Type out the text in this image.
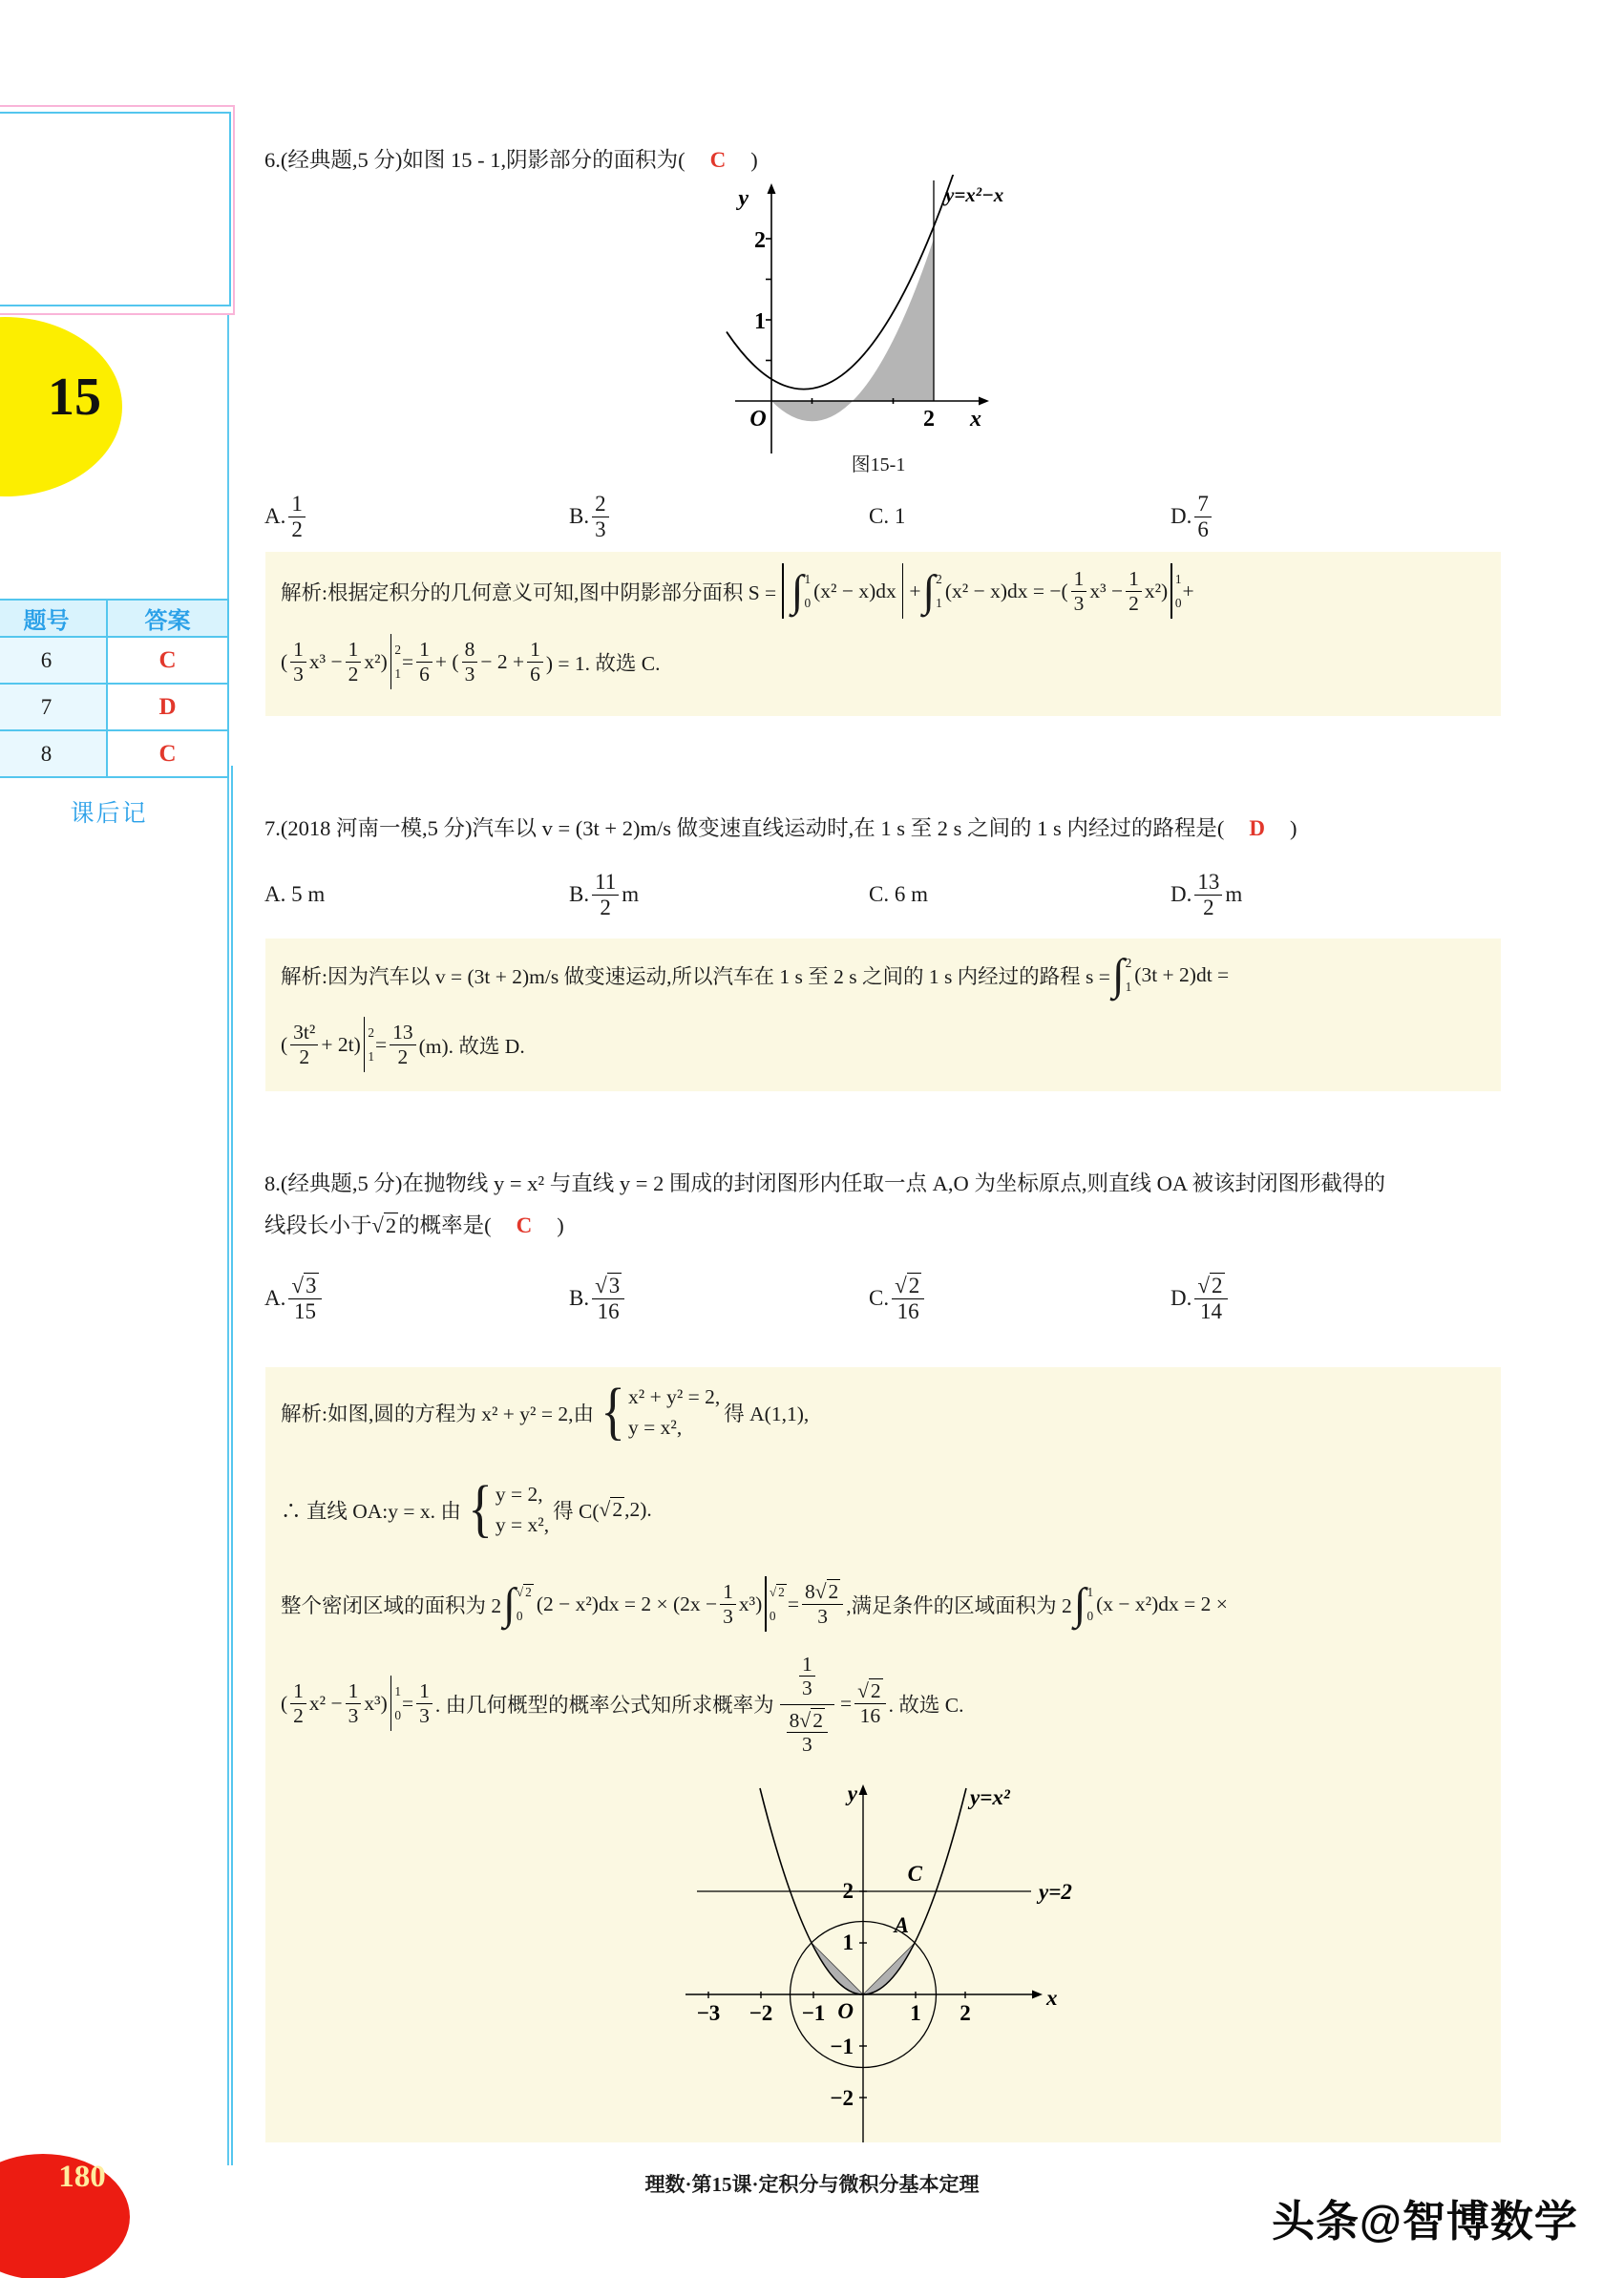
15
题号	答案
6	C
7	D
8	C
课后记
6.(经典题,5 分)如图 15 - 1,阴影部分的面积为( C )
y
2
1
O	2 x
y=x²−x
图15-1
A.
1
2
B.
2
3
C. 1	D.
7
6
解析:根据定积分的几何意义可知,图中阴影部分面积 S = ∫ 1
0
(x² − x)dx
+ ∫ 2
1
(x² − x)dx = −(
1
3
x³ −
1
2
x²)
1
0
+
(
1
3
x³ −
1
2
x²)
2
1
=
1
6
+ (
8
3
− 2 +
1
6 ) = 1. 故选 C.
7.(2018 河南一模,5 分)汽车以 v = (3t + 2)m/s 做变速直线运动时,在 1 s 至 2 s 之间的 1 s 内经过的路程是( D )
A. 5 m	B.
11
2
m	C. 6 m	D.
13
2
m
解析:因为汽车以 v = (3t + 2)m/s 做变速运动,所以汽车在 1 s 至 2 s 之间的 1 s 内经过的路程 s = ∫ 2
1
(3t + 2)dt =
(
3t²
2
+ 2t)
2
1
=
13
2 (m). 故选 D.
8.(经典题,5 分)在抛物线 y = x² 与直线 y = 2 围成的封闭图形内任取一点 A,O 为坐标原点,则直线 OA 被该封闭图形截得的
线段长小于√2的概率是( C )
A.
√3
15
B.
√3
16
C.
√2
16
D.
√2
14
解析:如图,圆的方程为 x² + y² = 2,由 { x² + y² = 2,
y = x²,
得 A(1,1),
∴ 直线 OA:y = x. 由 { y = 2,
y = x²,
得 C( √2 ,2).
整个密闭区域的面积为 2 ∫ √ 2
0
(2 − x²)dx = 2 × (2x −
1
3
x³)
√ 2
0
=
8√2
3 ,满足条件的区域面积为 2 ∫ 1
0
(x − x²)dx = 2 ×
(
1
2
x² −
1
3
x³)
1
0
=
1
3 . 由几何概型的概率公式知所求概率为
$\frac{1}{3}$
$\frac{8√2}{3}$
=
√2
16 . 故选 C.
−3 −2 −1	1 2
2
1
−1
−2
O
x
y	y=x²
y=2
C
A
理数·第15课·定积分与微积分基本定理
180
头条@智博数学
